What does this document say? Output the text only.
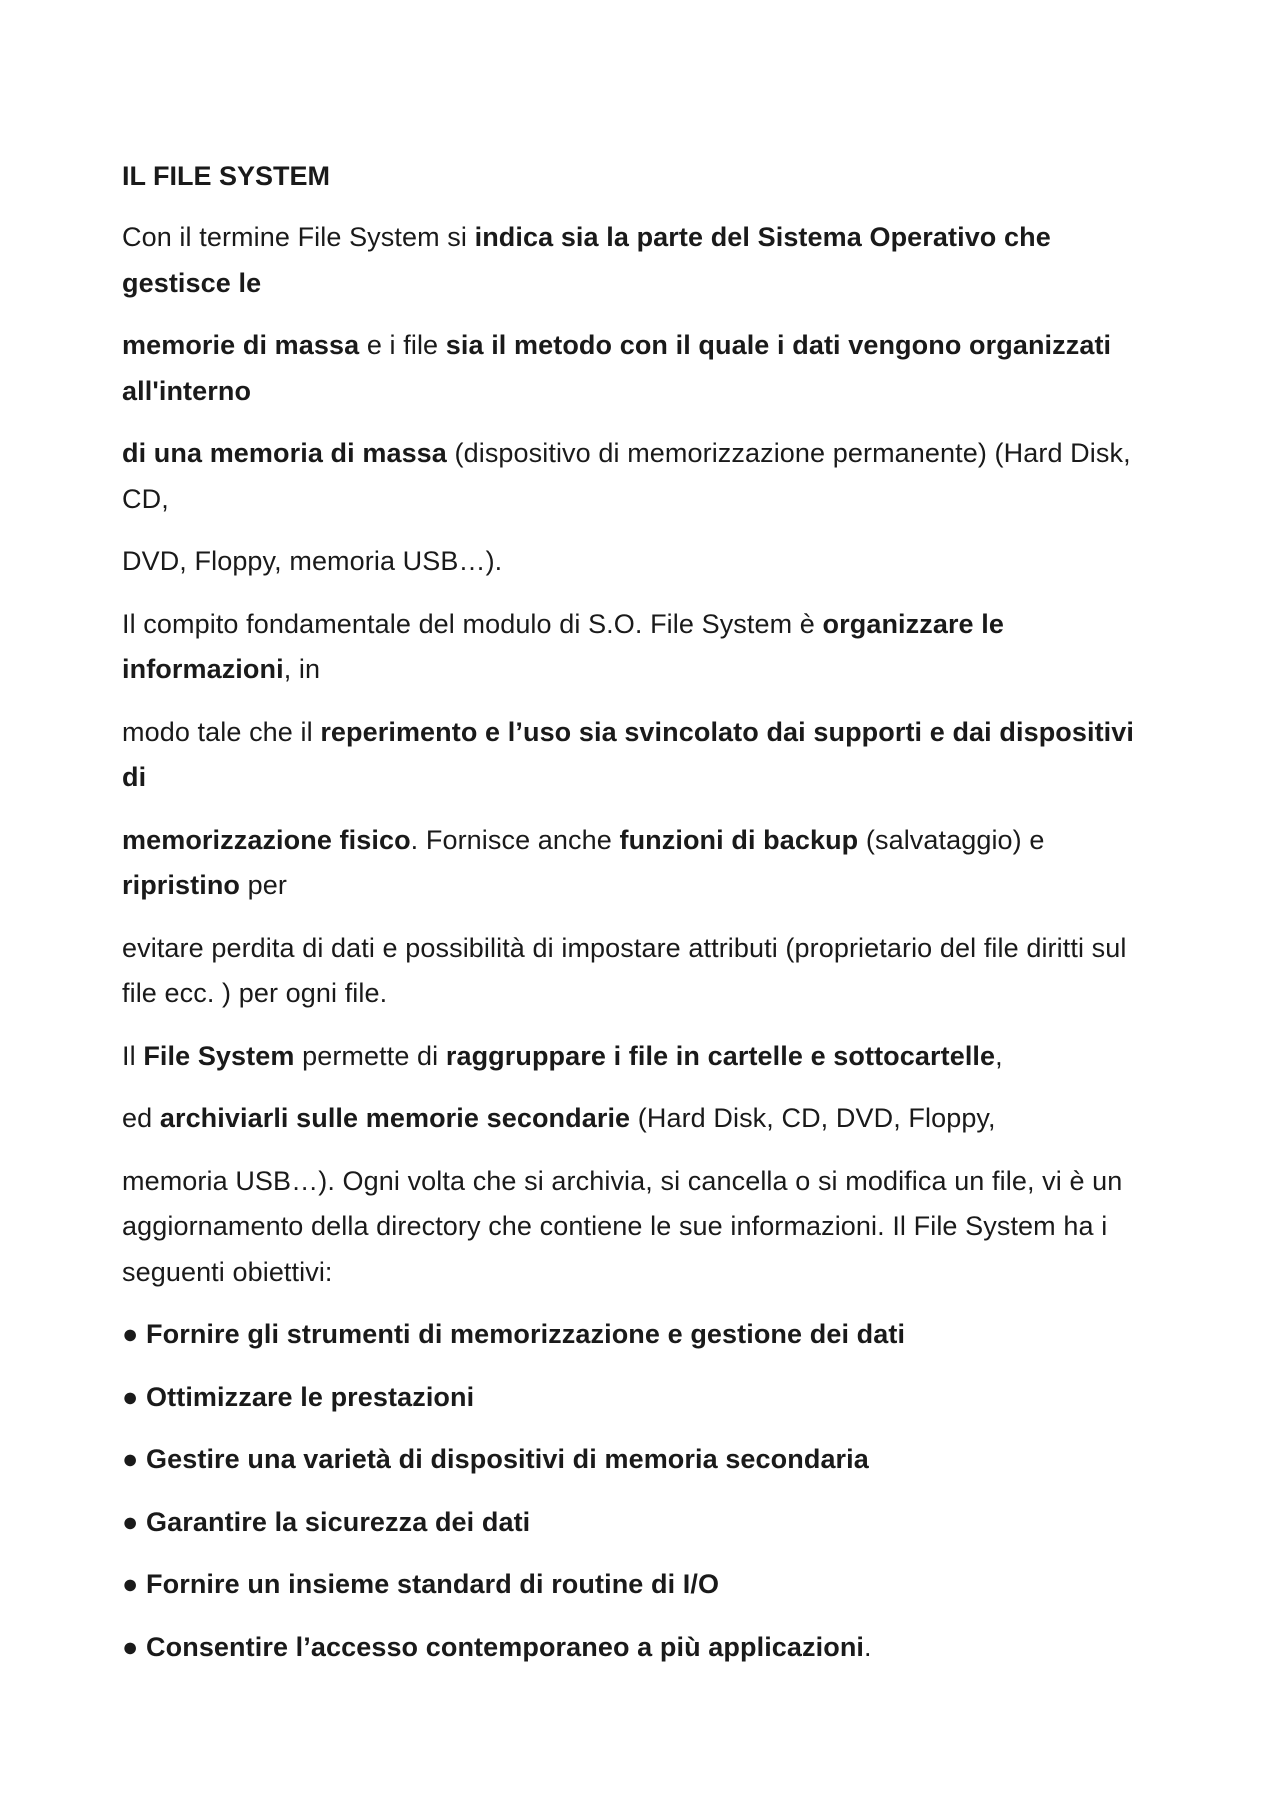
IL FILE SYSTEM
Con il termine File System si indica sia la parte del Sistema Operativo che gestisce le
memorie di massa e i file sia il metodo con il quale i dati vengono organizzati all'interno
di una memoria di massa (dispositivo di memorizzazione permanente) (Hard Disk, CD,
DVD, Floppy, memoria USB…).
Il compito fondamentale del modulo di S.O. File System è organizzare le informazioni, in
modo tale che il reperimento e l’uso sia svincolato dai supporti e dai dispositivi di
memorizzazione fisico. Fornisce anche funzioni di backup (salvataggio) e ripristino per
evitare perdita di dati e possibilità di impostare attributi (proprietario del file diritti sul file ecc. ) per ogni file.
Il File System permette di raggruppare i file in cartelle e sottocartelle,
ed archiviarli sulle memorie secondarie (Hard Disk, CD, DVD, Floppy,
memoria USB…). Ogni volta che si archivia, si cancella o si modifica un file, vi è un aggiornamento della directory che contiene le sue informazioni. Il File System ha i seguenti obiettivi:
● Fornire gli strumenti di memorizzazione e gestione dei dati
● Ottimizzare le prestazioni
● Gestire una varietà di dispositivi di memoria secondaria
● Garantire la sicurezza dei dati
● Fornire un insieme standard di routine di I/O
● Consentire l’accesso contemporaneo a più applicazioni.
